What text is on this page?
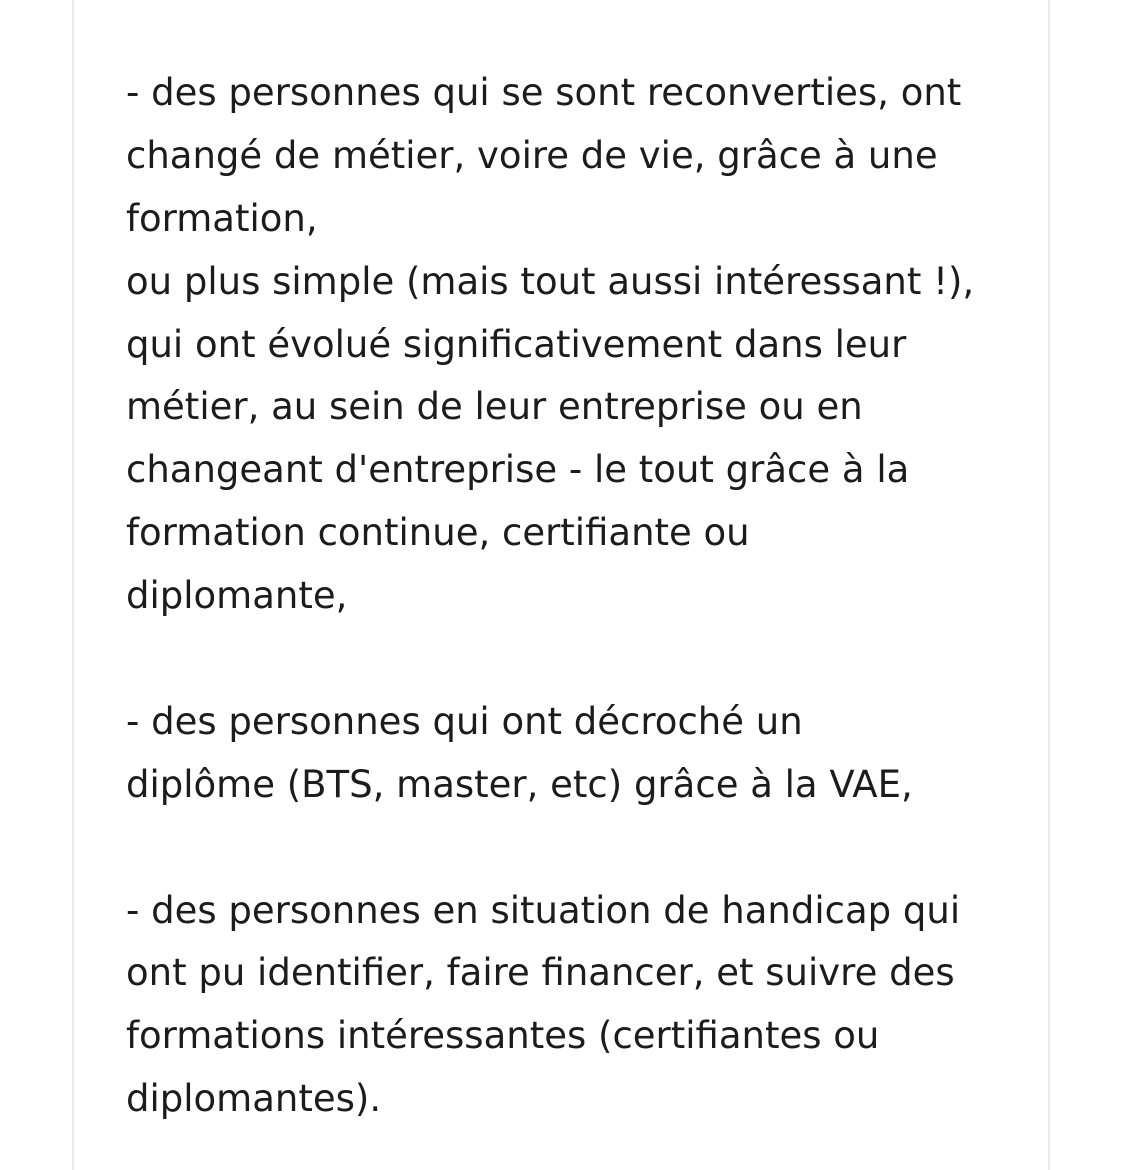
- des personnes qui se sont reconverties, ont
changé de métier, voire de vie, grâce à une
formation,
ou plus simple (mais tout aussi intéressant !),
qui ont évolué significativement dans leur
métier, au sein de leur entreprise ou en
changeant d'entreprise - le tout grâce à la
formation continue, certifiante ou
diplomante,
- des personnes qui ont décroché un
diplôme (BTS, master, etc) grâce à la VAE,
- des personnes en situation de handicap qui
ont pu identifier, faire financer, et suivre des
formations intéressantes (certifiantes ou
diplomantes).
